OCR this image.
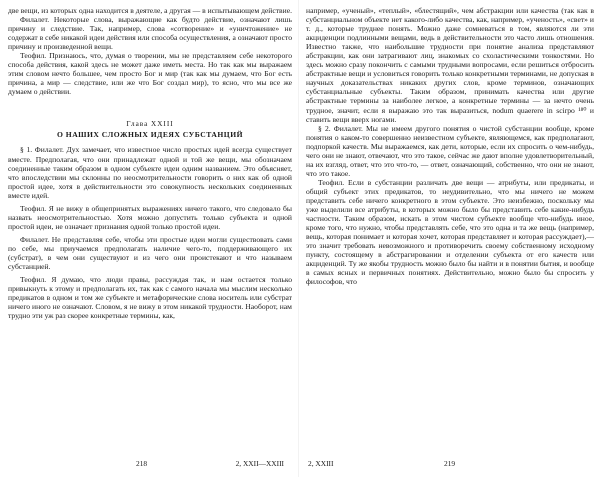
две вещи, из которых одна находится в деятеле, а другая — в испытывающем действие.

Филалет. Некоторые слова, выражающие как будто действие, означают лишь причину и следствие. Так, например, слова «сотворение» и «уничтожение» не содержат в себе никакой идеи действия или способа осуществления, а означают просто причину и произведенной вещи.

Теофил. Признаюсь, что, думая о творении, мы не представляем себе некоторого способа действия, какой здесь не может даже иметь места. Но так как мы выражаем этим словом нечто большее, чем просто Бог и мир (так как мы думаем, что Бог есть причина, а мир — следствие, или же что Бог создал мир), то ясно, что мы все же думаем о действии.

Глава XXIII
О НАШИХ СЛОЖНЫХ ИДЕЯХ СУБСТАНЦИЙ

§ 1. Филалет. Дух замечает, что известное число простых идей всегда существует вместе. Предполагая, что они принадлежат одной и той же вещи, мы обозначаем соединенные таким образом в одном субъекте идеи одним названием. Это объясняет, что впоследствии мы склонны по неосмотрительности говорить о них как об одной простой идее, хотя в действительности это совокупность нескольких соединенных вместе идей.

Теофил. Я не вижу в общепринятых выражениях ничего такого, что следовало бы назвать неосмотрительностью. Хотя можно допустить только субъекта и одной простой идеи, не означает признания одной только простой идеи.

Филалет. Не представляя себе, чтобы эти простые идеи могли существовать сами по себе, мы приучаемся предполагать наличие чего-то, поддерживающего их (субстрат), в чем они существуют и из чего они проистекают и что называем субстанцией.

Теофил. Я думаю, что люди правы, рассуждая так, и нам остается только привыкнуть к этому и предполагать их, так как с самого начала мы мыслим несколько предикатов в одном и том же субъекте и метафорические слова носитель или субстрат ничего иного не означают. Словом, я не вижу в этом никакой трудности. Наоборот, нам трудно эти уж раз скорее конкретные термины, как,

218	2, XXII—XXIII

например, «ученый», «теплый», «блестящий», чем абстракции или качества (так как в субстанциальном объекте нет какого-либо качества, как, например, «ученость», «свет» и т. д., которые труднее понять. Можно даже сомневаться в том, являются ли эти акциденции подлинными вещами, ведь в действительности это часто лишь отношения. Известно также, что наибольшие трудности при понятие анализа представляют абстракции, как они затрагивают лиц, знакомых со схоластическими тонкостями. Но здесь можно сразу покончить с самыми трудными вопросами, если решиться отбросить абстрактные вещи и условиться говорить только конкретными терминами, не допуская в научных доказательствах никаких других слов, кроме терминов, означающих субстанциальные субъекты. Таким образом, принимать качества или другие абстрактные термины за наиболее легкое, а конкретные термины — за нечто очень трудное, значит, если я выражаю это так выразиться, nodum quaerere in scirpo ¹⁸⁰ и ставить вещи вверх ногами.

§ 2. Филалет. Мы не имеем другого понятия о чистой субстанции вообще, кроме понятия о каком-то совершенно неизвестном субъекте, являющемся, как предполагают, подпоркой качеств. Мы выражаемся, как дети, которые, если их спросить о чем-нибудь, чего они не знают, отвечают, что это такое, сейчас же дают вполне удовлетворительный, на их взгляд, ответ, что это что-то, — ответ, означающий, собственно, что они не знают, что это такое.

Теофил. Если в субстанции различать две вещи — атрибуты, или предикаты, и общий субъект этих предикатов, то неудивительно, что мы ничего не можем представить себе ничего конкретного в этом субъекте. Это неизбежно, поскольку мы уже выделили все атрибуты, в которых можно было бы представить себе какие-нибудь частности. Таким образом, искать в этом чистом субъекте вообще что-нибудь иное, кроме того, что нужно, чтобы представлять себе, что это одна и та же вещь (например, вещь, которая понимает и которая хочет, которая представляет и которая рассуждает),— это значит требовать невозможного и противоречить своему собственному исходному пункту, состоящему в абстрагировании и отделении субъекта от его качеств или акциденций. Ту же якобы трудность можно было бы найти и в понятии бытия, и вообще в самых ясных и первичных понятиях. Действительно, можно было бы спросить у философов, что

2, XXIII	219
